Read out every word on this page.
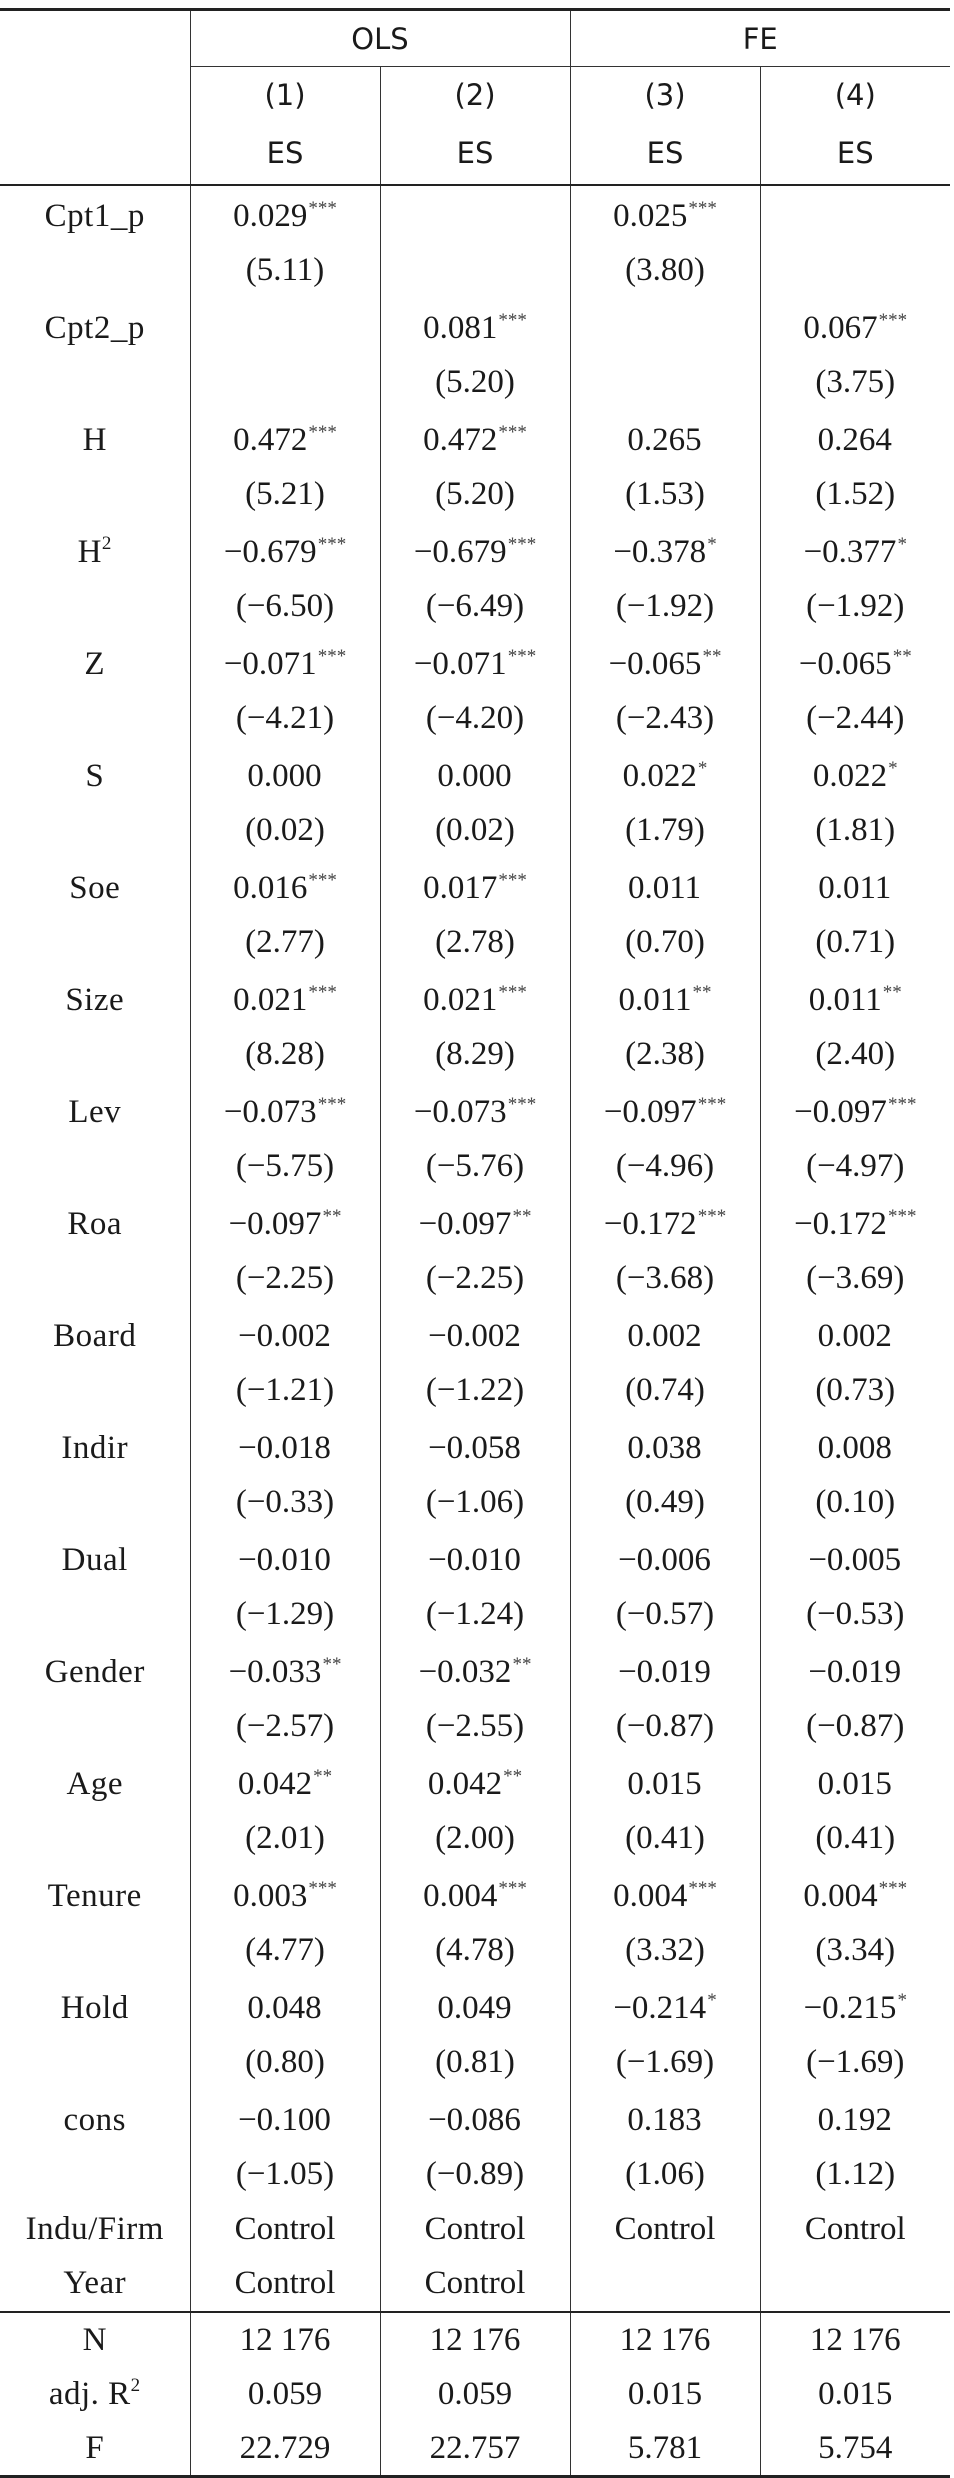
	OLS		FE	
	(1)	(2)	(3)	(4)
	ES	ES	ES	ES
Cpt1_p	0.029***		0.025***	
	(5.11)		(3.80)	
Cpt2_p		0.081***		0.067***
		(5.20)		(3.75)
H	0.472***	0.472***	0.265	0.264
	(5.21)	(5.20)	(1.53)	(1.52)
$H^2$	−0.679***	−0.679***	−0.378*	−0.377*
	(−6.50)	(−6.49)	(−1.92)	(−1.92)
Z	−0.071***	−0.071***	−0.065**	−0.065**
	(−4.21)	(−4.20)	(−2.43)	(−2.44)
S	0.000	0.000	0.022*	0.022*
	(0.02)	(0.02)	(1.79)	(1.81)
Soe	0.016***	0.017***	0.011	0.011
	(2.77)	(2.78)	(0.70)	(0.71)
Size	0.021***	0.021***	0.011**	0.011**
	(8.28)	(8.29)	(2.38)	(2.40)
Lev	−0.073***	−0.073***	−0.097***	−0.097***
	(−5.75)	(−5.76)	(−4.96)	(−4.97)
Roa	−0.097**	−0.097**	−0.172***	−0.172***
	(−2.25)	(−2.25)	(−3.68)	(−3.69)
Board	−0.002	−0.002	0.002	0.002
	(−1.21)	(−1.22)	(0.74)	(0.73)
Indir	−0.018	−0.058	0.038	0.008
	(−0.33)	(−1.06)	(0.49)	(0.10)
Dual	−0.010	−0.010	−0.006	−0.005
	(−1.29)	(−1.24)	(−0.57)	(−0.53)
Gender	−0.033**	−0.032**	−0.019	−0.019
	(−2.57)	(−2.55)	(−0.87)	(−0.87)
Age	0.042**	0.042**	0.015	0.015
	(2.01)	(2.00)	(0.41)	(0.41)
Tenure	0.003***	0.004***	0.004***	0.004***
	(4.77)	(4.78)	(3.32)	(3.34)
Hold	0.048	0.049	−0.214*	−0.215*
	(0.80)	(0.81)	(−1.69)	(−1.69)
cons	−0.100	−0.086	0.183	0.192
	(−1.05)	(−0.89)	(1.06)	(1.12)
Indu/Firm	Control	Control	Control	Control
Year	Control	Control		
N	12 176	12 176	12 176	12 176
adj. $R^2$	0.059	0.059	0.015	0.015
F	22.729	22.757	5.781	5.754
